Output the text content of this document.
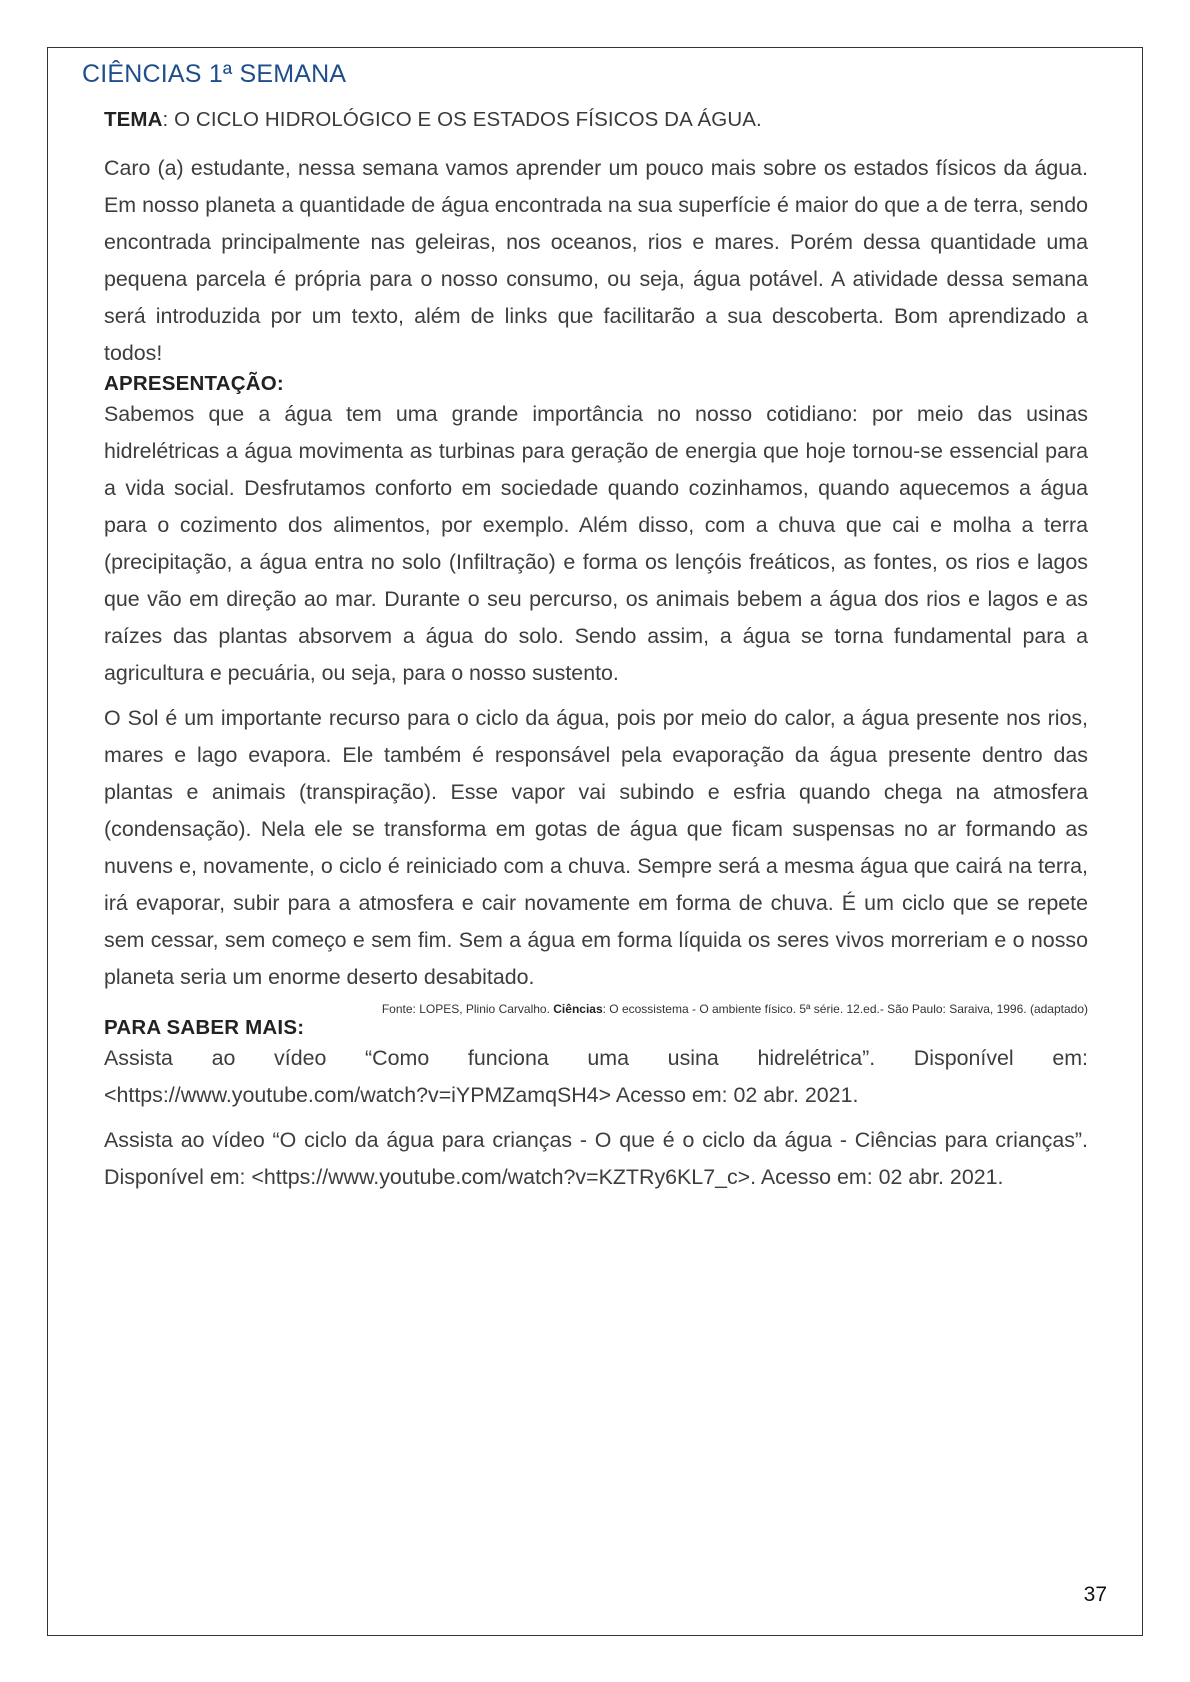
CIÊNCIAS 1ª SEMANA
TEMA: O CICLO HIDROLÓGICO E OS ESTADOS FÍSICOS DA ÁGUA.

Caro (a) estudante, nessa semana vamos aprender um pouco mais sobre os estados físicos da água. Em nosso planeta a quantidade de água encontrada na sua superfície é maior do que a de terra, sendo encontrada principalmente nas geleiras, nos oceanos, rios e mares. Porém dessa quantidade uma pequena parcela é própria para o nosso consumo, ou seja, água potável. A atividade dessa semana será introduzida por um texto, além de links que facilitarão a sua descoberta. Bom aprendizado a todos!

APRESENTAÇÃO:

Sabemos que a água tem uma grande importância no nosso cotidiano: por meio das usinas hidrelétricas a água movimenta as turbinas para geração de energia que hoje tornou-se essencial para a vida social. Desfrutamos conforto em sociedade quando cozinhamos, quando aquecemos a água para o cozimento dos alimentos, por exemplo. Além disso, com a chuva que cai e molha a terra (precipitação, a água entra no solo (Infiltração) e forma os lençóis freáticos, as fontes, os rios e lagos que vão em direção ao mar. Durante o seu percurso, os animais bebem a água dos rios e lagos e as raízes das plantas absorvem a água do solo. Sendo assim, a água se torna fundamental para a agricultura e pecuária, ou seja, para o nosso sustento.

O Sol é um importante recurso para o ciclo da água, pois por meio do calor, a água presente nos rios, mares e lago evapora. Ele também é responsável pela evaporação da água presente dentro das plantas e animais (transpiração). Esse vapor vai subindo e esfria quando chega na atmosfera (condensação). Nela ele se transforma em gotas de água que ficam suspensas no ar formando as nuvens e, novamente, o ciclo é reiniciado com a chuva. Sempre será a mesma água que cairá na terra, irá evaporar, subir para a atmosfera e cair novamente em forma de chuva. É um ciclo que se repete sem cessar, sem começo e sem fim. Sem a água em forma líquida os seres vivos morreriam e o nosso planeta seria um enorme deserto desabitado.

Fonte: LOPES, Plinio Carvalho. Ciências: O ecossistema - O ambiente físico. 5ª série. 12.ed.- São Paulo: Saraiva, 1996. (adaptado)

PARA SABER MAIS:

Assista ao vídeo “Como funciona uma usina hidrelétrica”. Disponível em: <https://www.youtube.com/watch?v=iYPMZamqSH4> Acesso em: 02 abr. 2021.

Assista ao vídeo “O ciclo da água para crianças - O que é o ciclo da água - Ciências para crianças”. Disponível em: <https://www.youtube.com/watch?v=KZTRy6KL7_c>. Acesso em: 02 abr. 2021.

37
